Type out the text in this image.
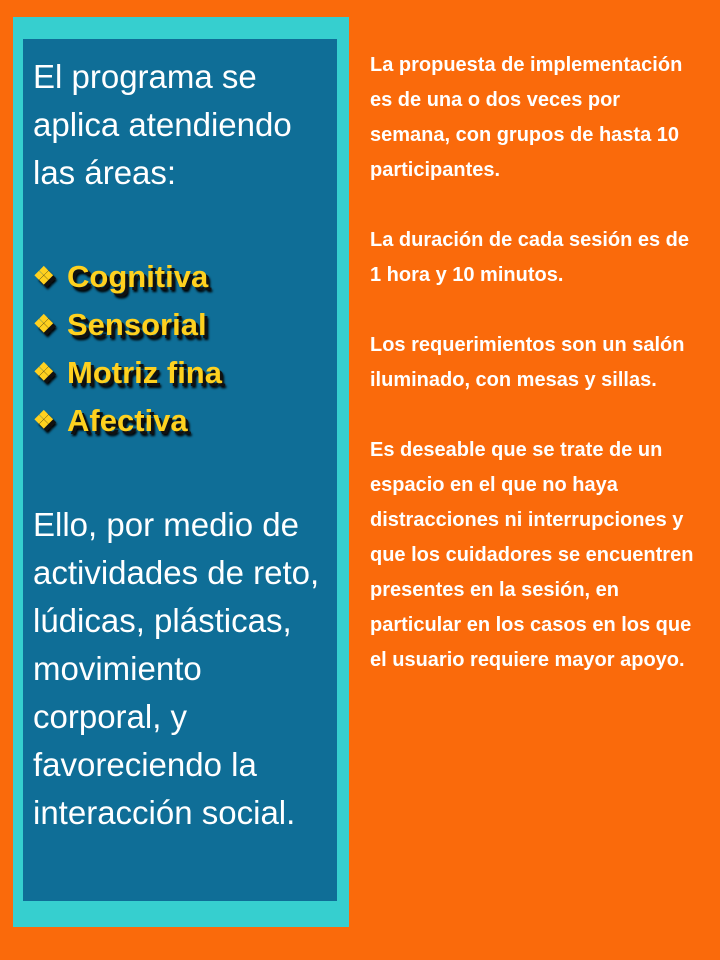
El programa se aplica atendiendo las áreas:

❖ Cognitiva
❖ Sensorial
❖ Motriz fina
❖ Afectiva

Ello, por medio de actividades de reto, lúdicas, plásticas, movimiento corporal, y favoreciendo la interacción social.

La propuesta de implementación es de una o dos veces por semana, con grupos de hasta 10 participantes.

La duración de cada sesión es de 1 hora y 10 minutos.

Los requerimientos son un salón iluminado, con mesas y sillas.

Es deseable que se trate de un espacio en el que no haya distracciones ni interrupciones y que los cuidadores se encuentren presentes en la sesión, en particular en los casos en los que el usuario requiere mayor apoyo.
